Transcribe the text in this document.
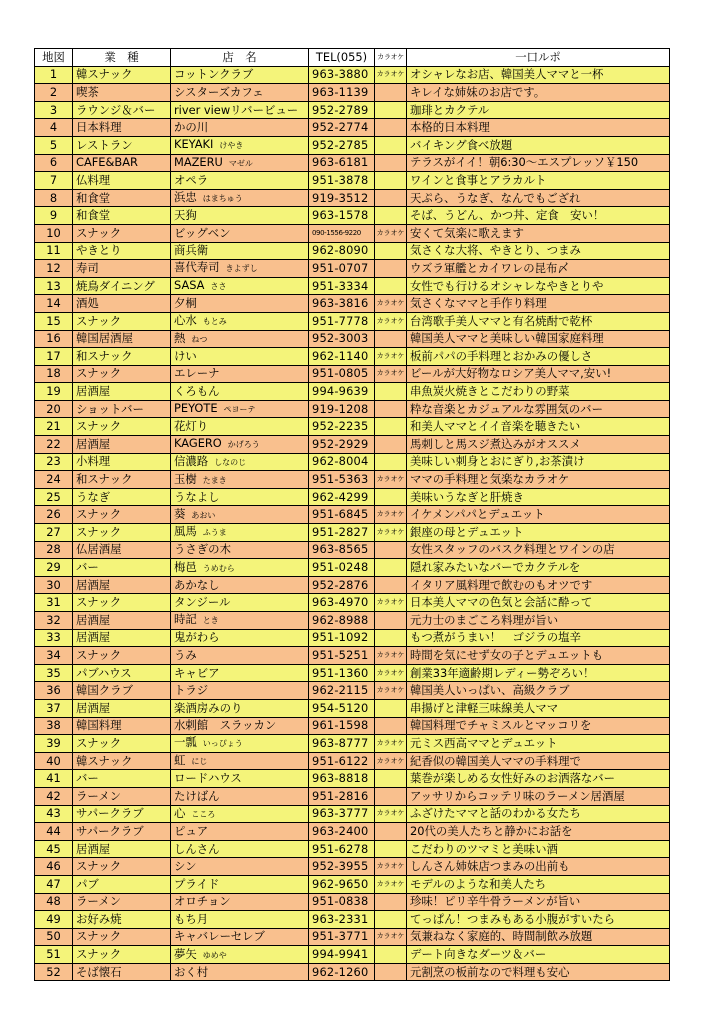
地図	業　種	店　名	TEL(055)	カラオケ	一口ルポ
1	韓スナック	コットンクラブ	963-3880	カラオケ	オシャレなお店、韓国美人ママと一杯
2	喫茶	シスターズカフェ	963-1139		キレイな姉妹のお店です。
3	ラウンジ＆バー	river viewリバービュー	952-2789		珈琲とカクテル
4	日本料理	かの川	952-2774		本格的日本料理
5	レストラン	KEYAKI けやき	952-2785		バイキング食べ放題
6	CAFE&BAR	MAZERU マゼル	963-6181		テラスがイイ！朝6:30～エスプレッソ￥150
7	仏料理	オペラ	951-3878		ワインと食事とアラカルト
8	和食堂	浜忠 はまちゅう	919-3512		天ぷら、うなぎ、なんでもござれ
9	和食堂	天狗	963-1578		そば、うどん、かつ丼、定食　安い！
10	スナック	ビッグベン	090-1556-9220	カラオケ	安くて気楽に歌えます
11	やきとり	商兵衛	962-8090		気さくな大将、やきとり、つまみ
12	寿司	喜代寿司 きよずし	951-0707		ウズラ軍艦とカイワレの昆布〆
13	焼鳥ダイニング	SASA ささ	951-3334		女性でも行けるオシャレなやきとりや
14	酒処	夕桐	963-3816	カラオケ	気さくなママと手作り料理
15	スナック	心水 もとみ	951-7778	カラオケ	台湾歌手美人ママと有名焼酎で乾杯
16	韓国居酒屋	熱 ねつ	952-3003		韓国美人ママと美味しい韓国家庭料理
17	和スナック	けい	962-1140	カラオケ	板前パパの手料理とおかみの優しさ
18	スナック	エレーナ	951-0805	カラオケ	ビールが大好物なロシア美人ママ,安い!
19	居酒屋	くろもん	994-9639		串魚炭火焼きとこだわりの野菜
20	ショットバー	PEYOTE ペヨーテ	919-1208		粋な音楽とカジュアルな雰囲気のバー
21	スナック	花灯り	952-2235		和美人ママとイイ音楽を聴きたい
22	居酒屋	KAGERO かげろう	952-2929		馬刺しと馬スジ煮込みがオススメ
23	小料理	信濃路 しなのじ	962-8004		美味しい刺身とおにぎり,お茶漬け
24	和スナック	玉樹 たまき	951-5363	カラオケ	ママの手料理と気楽なカラオケ
25	うなぎ	うなよし	962-4299		美味いうなぎと肝焼き
26	スナック	葵 あおい	951-6845	カラオケ	イケメンパパとデュエット
27	スナック	風馬 ふうま	951-2827	カラオケ	銀座の母とデュエット
28	仏居酒屋	うさぎの木	963-8565		女性スタッフのバスク料理とワインの店
29	バー	梅邑 うめむら	951-0248		隠れ家みたいなバーでカクテルを
30	居酒屋	あかなし	952-2876		イタリア風料理で飲むのもオツです
31	スナック	タンジール	963-4970	カラオケ	日本美人ママの色気と会話に酔って
32	居酒屋	時記 とき	962-8988		元力士のまごころ料理が旨い
33	居酒屋	鬼がわら	951-1092		もつ煮がうまい！　ゴジラの塩辛
34	スナック	うみ	951-5251	カラオケ	時間を気にせず女の子とデュエットも
35	パブハウス	キャビア	951-1360	カラオケ	創業33年適齢期レディー勢ぞろい！
36	韓国クラブ	トラジ	962-2115	カラオケ	韓国美人いっぱい、高級クラブ
37	居酒屋	楽酒房みのり	954-5120		串揚げと津軽三味線美人ママ
38	韓国料理	水剌館　スラッカン	961-1598		韓国料理でチャミスルとマッコリを
39	スナック	一瓢 いっぴょう	963-8777	カラオケ	元ミス西高ママとデュエット
40	韓スナック	虹 にじ	951-6122	カラオケ	紀香似の韓国美人ママの手料理で
41	バー	ロードハウス	963-8818		葉巻が楽しめる女性好みのお洒落なバー
42	ラーメン	たけばん	951-2816		アッサリからコッテリ味のラーメン居酒屋
43	サパークラブ	心 こころ	963-3777	カラオケ	ふざけたママと話のわかる女たち
44	サパークラブ	ピュア	963-2400		20代の美人たちと静かにお話を
45	居酒屋	しんさん	951-6278		こだわりのツマミと美味い酒
46	スナック	シン	952-3955	カラオケ	しんさん姉妹店つまみの出前も
47	パブ	プライド	962-9650	カラオケ	モデルのような和美人たち
48	ラーメン	オロチョン	951-0838		珍味！ピリ辛牛骨ラーメンが旨い
49	お好み焼	もち月	963-2331		てっぱん！つまみもある小腹がすいたら
50	スナック	キャバレーセレブ	951-3771	カラオケ	気兼ねなく家庭的、時間制飲み放題
51	スナック	夢矢 ゆめや	994-9941		デート向きなダーツ＆バー
52	そば懐石	おく村	962-1260		元割烹の板前なので料理も安心
